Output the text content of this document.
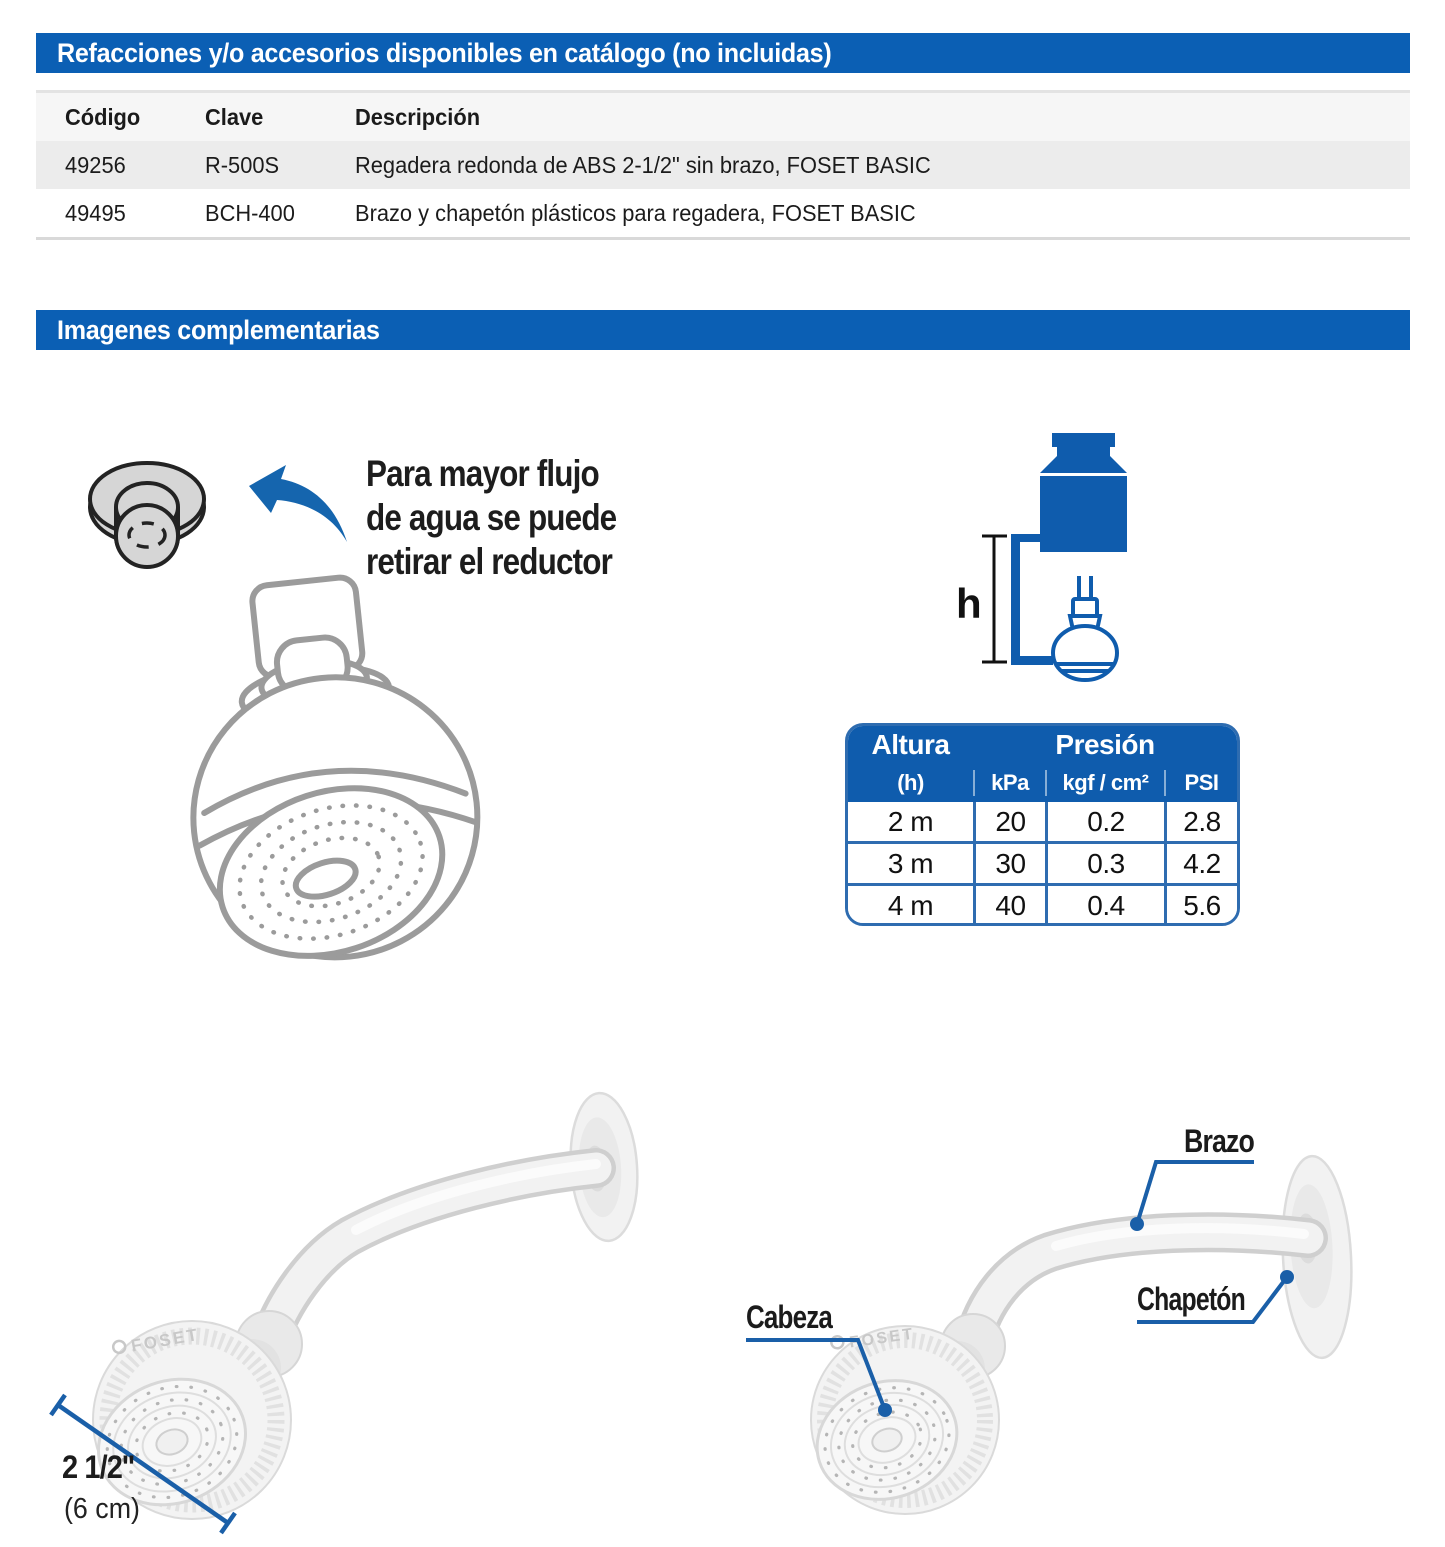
Refacciones y/o accesorios disponibles en catálogo (no incluidas)
Código	Clave	Descripción
49256	R-500S	Regadera redonda de ABS 2-1/2" sin brazo, FOSET BASIC
49495	BCH-400	Brazo y chapetón plásticos para regadera, FOSET BASIC
Imagenes complementarias
Para mayor flujo
de agua se puede
retirar el reductor
h
Altura	Presión
(h)	kPa	kgf / cm²	PSI
2 m	20	0.2	2.8
3 m	30	0.3	4.2
4 m	40	0.4	5.6
FOSET
2 1/2''
(6 cm)
FOSET
Brazo
Cabeza	Chapetón
